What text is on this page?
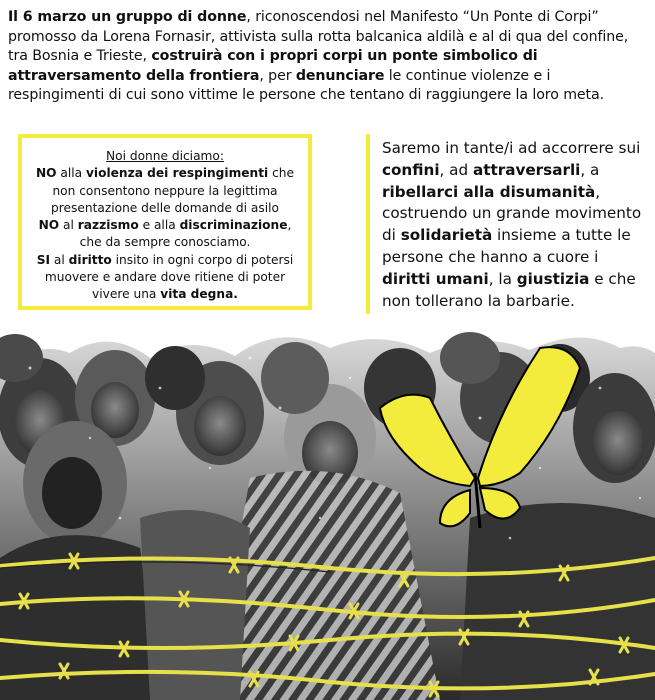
Il 6 marzo un gruppo di donne, riconoscendosi nel Manifesto “Un Ponte di Corpi” promosso da Lorena Fornasir, attivista sulla rotta balcanica aldilà e al di qua del confine, tra Bosnia e Trieste, costruirà con i propri corpi un ponte simbolico di attraversamento della frontiera, per denunciare le continue violenze e i respingimenti di cui sono vittime le persone che tentano di raggiungere la loro meta.

Noi donne diciamo:

NO alla violenza dei respingimenti che non consentono neppure la legittima presentazione delle domande di asilo

NO al razzismo e alla discriminazione, che da sempre conosciamo.

SI al diritto insito in ogni corpo di potersi muovere e andare dove ritiene di poter vivere una vita degna.

Saremo in tante/i ad accorrere sui confini, ad attraversarli, a ribellarci alla disumanità, costruendo un grande movimento di solidarietà insieme a tutte le persone che hanno a cuore i diritti umani, la giustizia e che non tollerano la barbarie.
